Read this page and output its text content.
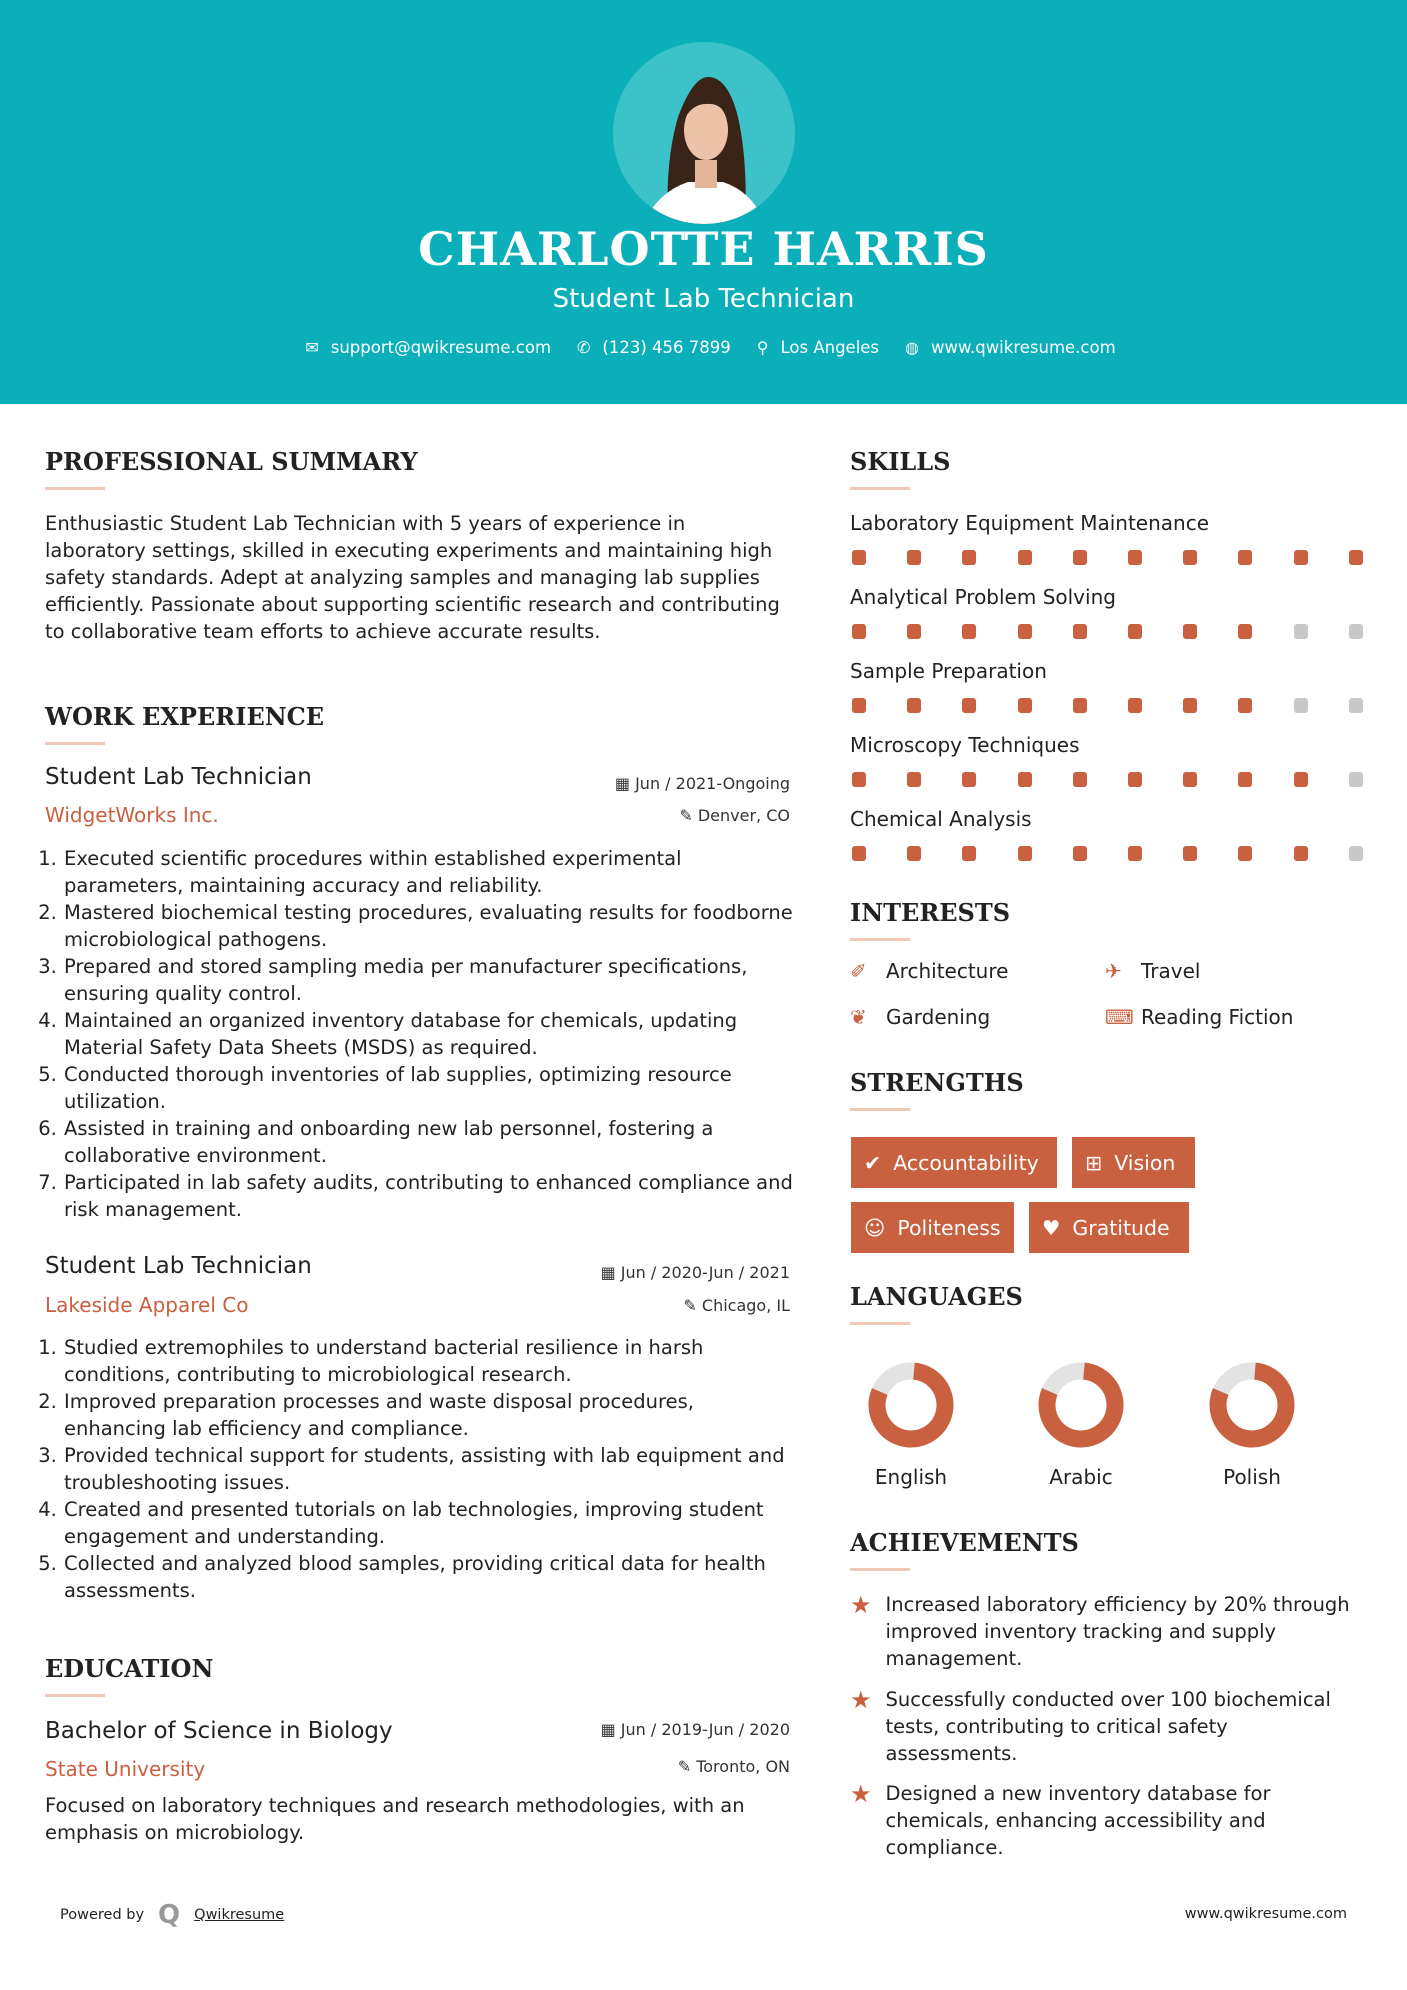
CHARLOTTE HARRIS
Student Lab Technician
✉ support@qwikresume.com ✆ (123) 456 7899 ⚲ Los Angeles ◍ www.qwikresume.com
PROFESSIONAL SUMMARY
Enthusiastic Student Lab Technician with 5 years of experience in laboratory settings, skilled in executing experiments and maintaining high safety standards. Adept at analyzing samples and managing lab supplies efficiently. Passionate about supporting scientific research and contributing to collaborative team efforts to achieve accurate results.
WORK EXPERIENCE
Student Lab Technician	▦ Jun / 2021-Ongoing
WidgetWorks Inc.	✎ Denver, CO
1. Executed scientific procedures within established experimental parameters, maintaining accuracy and reliability.
2. Mastered biochemical testing procedures, evaluating results for foodborne microbiological pathogens.
3. Prepared and stored sampling media per manufacturer specifications, ensuring quality control.
4. Maintained an organized inventory database for chemicals, updating Material Safety Data Sheets (MSDS) as required.
5. Conducted thorough inventories of lab supplies, optimizing resource utilization.
6. Assisted in training and onboarding new lab personnel, fostering a collaborative environment.
7. Participated in lab safety audits, contributing to enhanced compliance and risk management.
Student Lab Technician	▦ Jun / 2020-Jun / 2021
Lakeside Apparel Co	✎ Chicago, IL
1. Studied extremophiles to understand bacterial resilience in harsh conditions, contributing to microbiological research.
2. Improved preparation processes and waste disposal procedures, enhancing lab efficiency and compliance.
3. Provided technical support for students, assisting with lab equipment and troubleshooting issues.
4. Created and presented tutorials on lab technologies, improving student engagement and understanding.
5. Collected and analyzed blood samples, providing critical data for health assessments.
EDUCATION
Bachelor of Science in Biology	▦ Jun / 2019-Jun / 2020
State University	✎ Toronto, ON
Focused on laboratory techniques and research methodologies, with an emphasis on microbiology.
SKILLS
Laboratory Equipment Maintenance
Analytical Problem Solving
Sample Preparation
Microscopy Techniques
Chemical Analysis
INTERESTS
✐ Architecture	✈ Travel
❦ Gardening	⌨ Reading Fiction
STRENGTHS
✔ Accountability ⊞ Vision
☺ Politeness ♥ Gratitude
LANGUAGES
English	Arabic	Polish
ACHIEVEMENTS
★ Increased laboratory efficiency by 20% through improved inventory tracking and supply management.
★ Successfully conducted over 100 biochemical tests, contributing to critical safety assessments.
★ Designed a new inventory database for chemicals, enhancing accessibility and compliance.
Powered by Q Qwikresume	www.qwikresume.com
